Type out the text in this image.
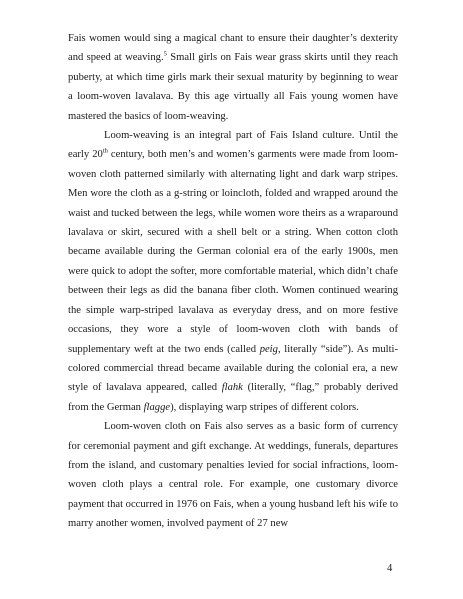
Fais women would sing a magical chant to ensure their daughter’s dexterity and speed at weaving.$^5$ Small girls on Fais wear grass skirts until they reach puberty, at which time girls mark their sexual maturity by beginning to wear a loom-woven lavalava. By this age virtually all Fais young women have mastered the basics of loom-weaving.

Loom-weaving is an integral part of Fais Island culture. Until the early 20th century, both men’s and women’s garments were made from loom-woven cloth patterned similarly with alternating light and dark warp stripes. Men wore the cloth as a g-string or loincloth, folded and wrapped around the waist and tucked between the legs, while women wore theirs as a wraparound lavalava or skirt, secured with a shell belt or a string. When cotton cloth became available during the German colonial era of the early 1900s, men were quick to adopt the softer, more comfortable material, which didn’t chafe between their legs as did the banana fiber cloth. Women continued wearing the simple warp-striped lavalava as everyday dress, and on more festive occasions, they wore a style of loom-woven cloth with bands of supplementary weft at the two ends (called peig, literally “side”). As multi-colored commercial thread became available during the colonial era, a new style of lavalava appeared, called flahk (literally, “flag,” probably derived from the German flagge), displaying warp stripes of different colors.

Loom-woven cloth on Fais also serves as a basic form of currency for ceremonial payment and gift exchange. At weddings, funerals, departures from the island, and customary penalties levied for social infractions, loom-woven cloth plays a central role. For example, one customary divorce payment that occurred in 1976 on Fais, when a young husband left his wife to marry another women, involved payment of 27 new

4
